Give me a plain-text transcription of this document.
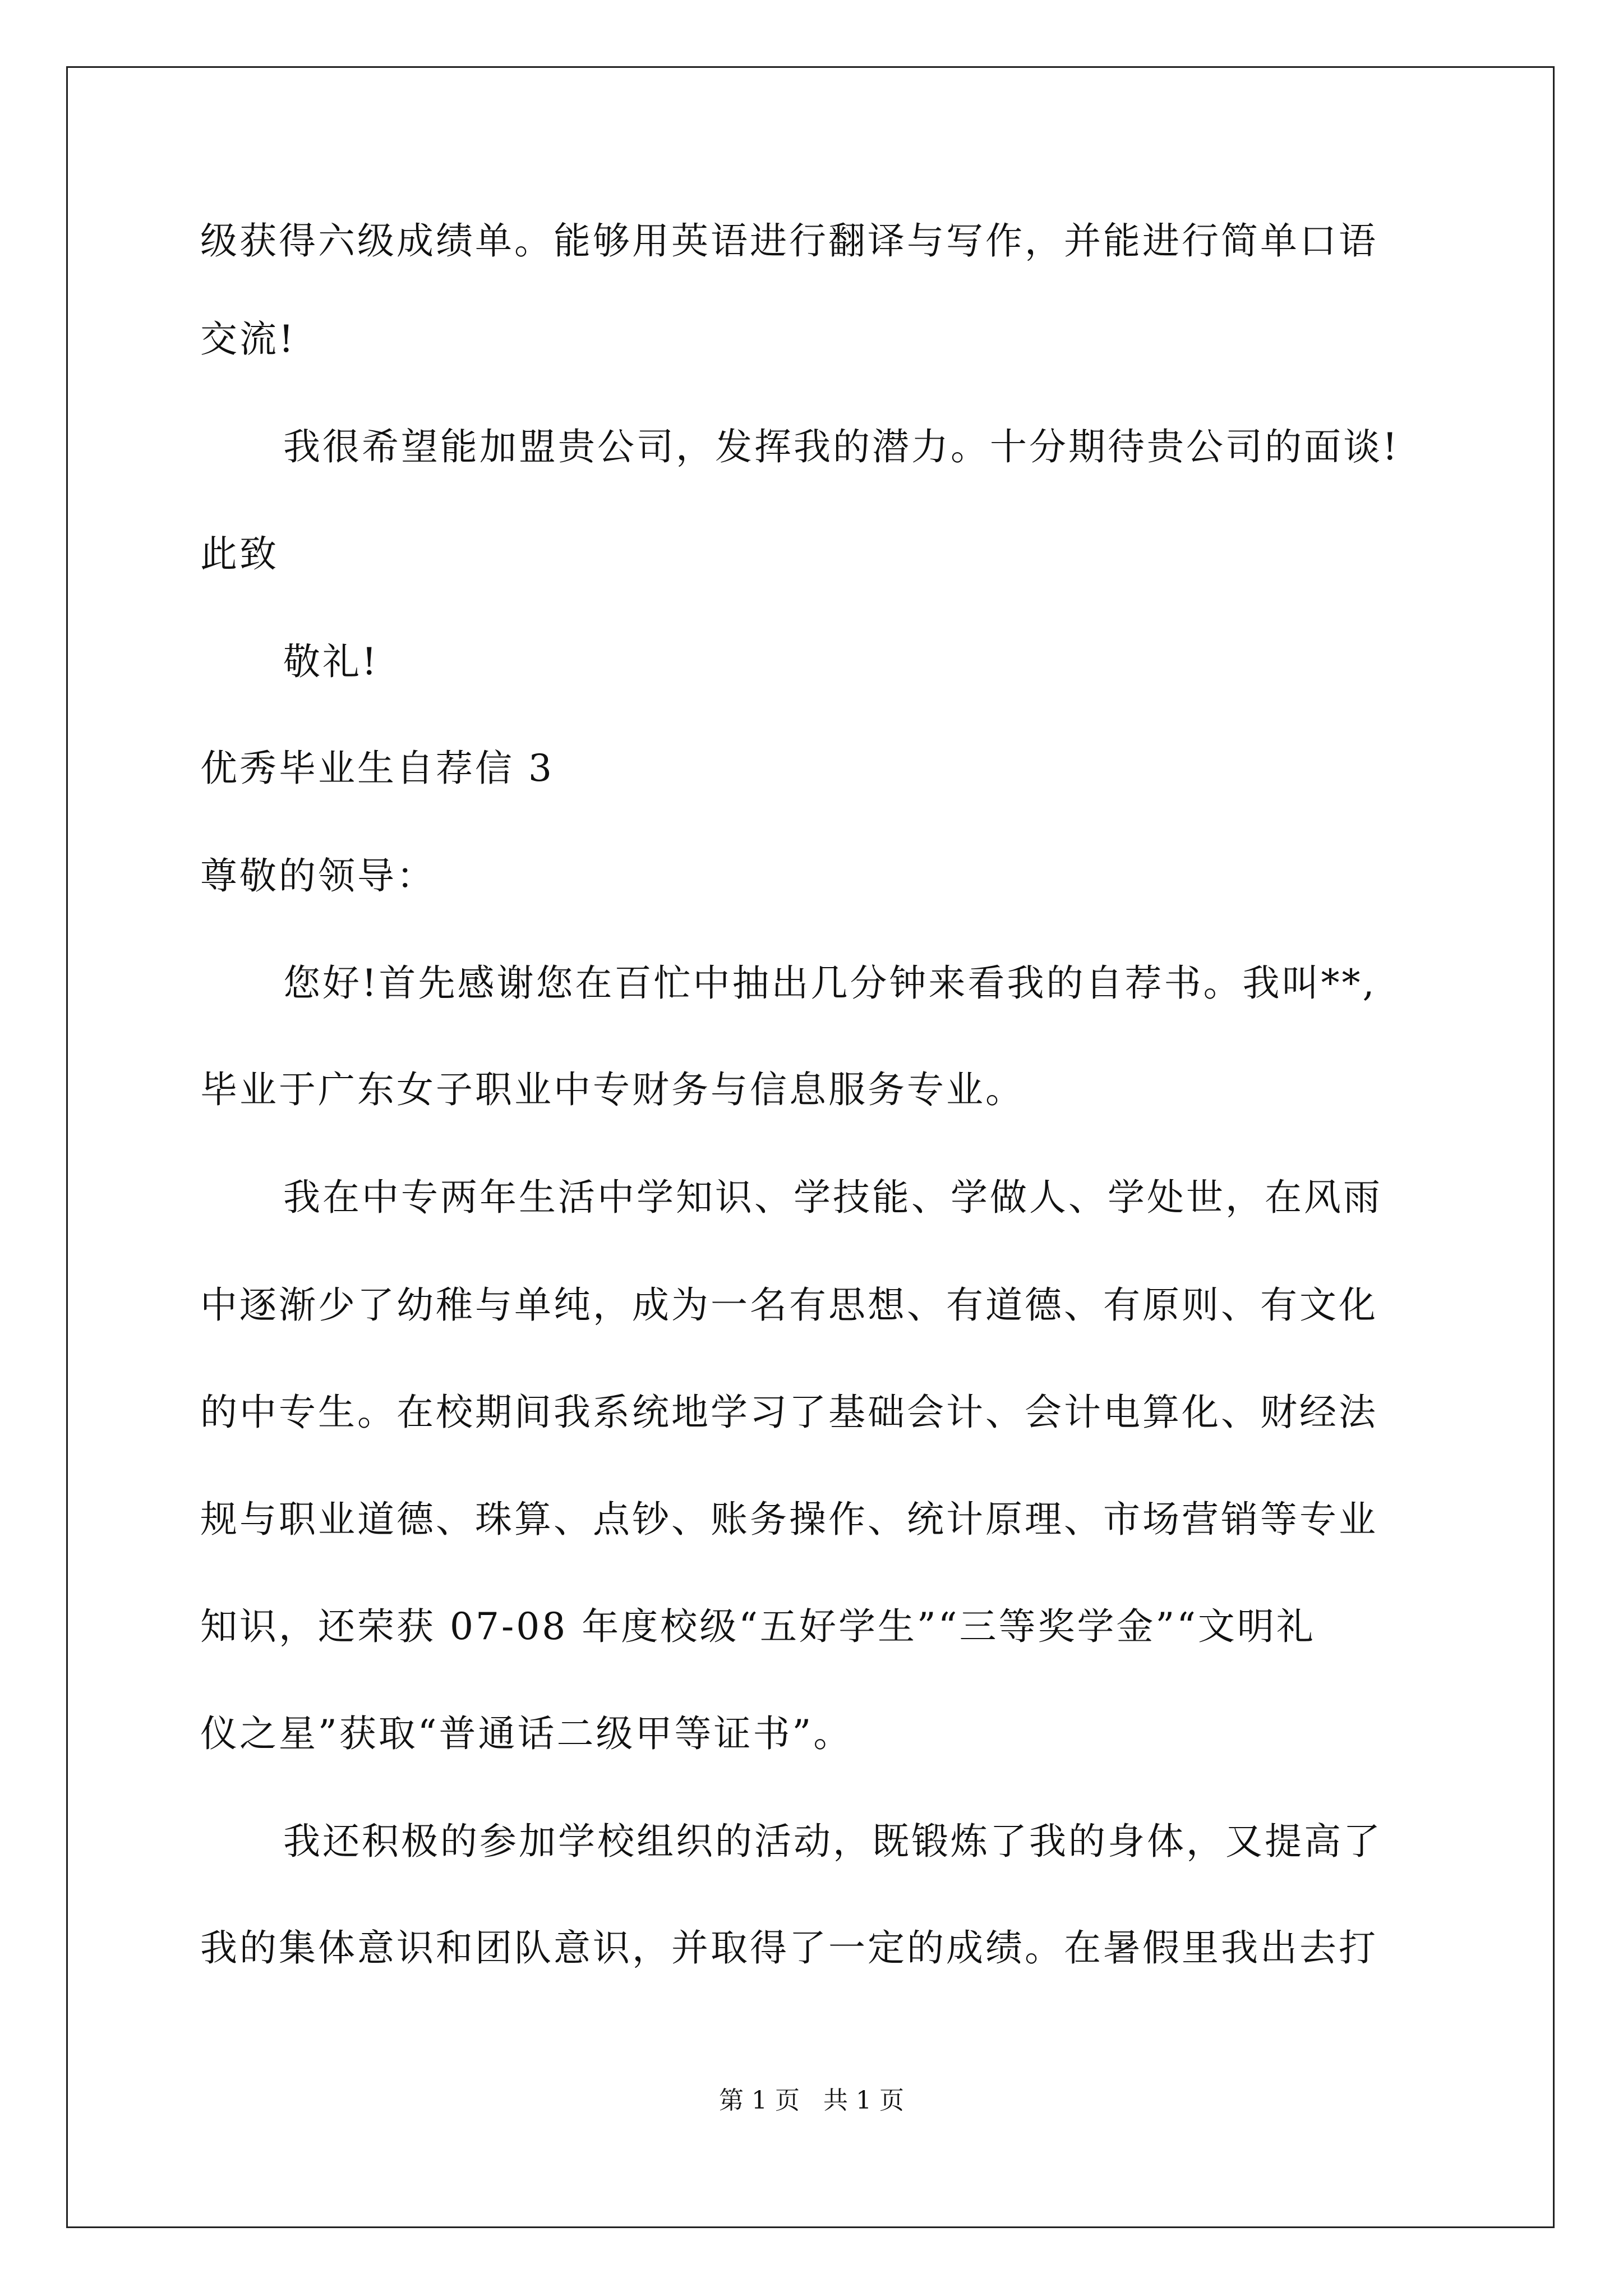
级获得六级成绩单。能够用英语进行翻译与写作，并能进行简单口语
交流!
我很希望能加盟贵公司，发挥我的潜力。十分期待贵公司的面谈!
此致
敬礼!
优秀毕业生自荐信 3
尊敬的领导：
您好!首先感谢您在百忙中抽出几分钟来看我的自荐书。我叫**,
毕业于广东女子职业中专财务与信息服务专业。
我在中专两年生活中学知识、学技能、学做人、学处世，在风雨
中逐渐少了幼稚与单纯，成为一名有思想、有道德、有原则、有文化
的中专生。在校期间我系统地学习了基础会计、会计电算化、财经法
规与职业道德、珠算、点钞、账务操作、统计原理、市场营销等专业
知识，还荣获 07-08 年度校级“五好学生”“三等奖学金”“文明礼
仪之星”获取“普通话二级甲等证书”。
我还积极的参加学校组织的活动，既锻炼了我的身体，又提高了
我的集体意识和团队意识，并取得了一定的成绩。在暑假里我出去打
第 1 页   共 1 页
